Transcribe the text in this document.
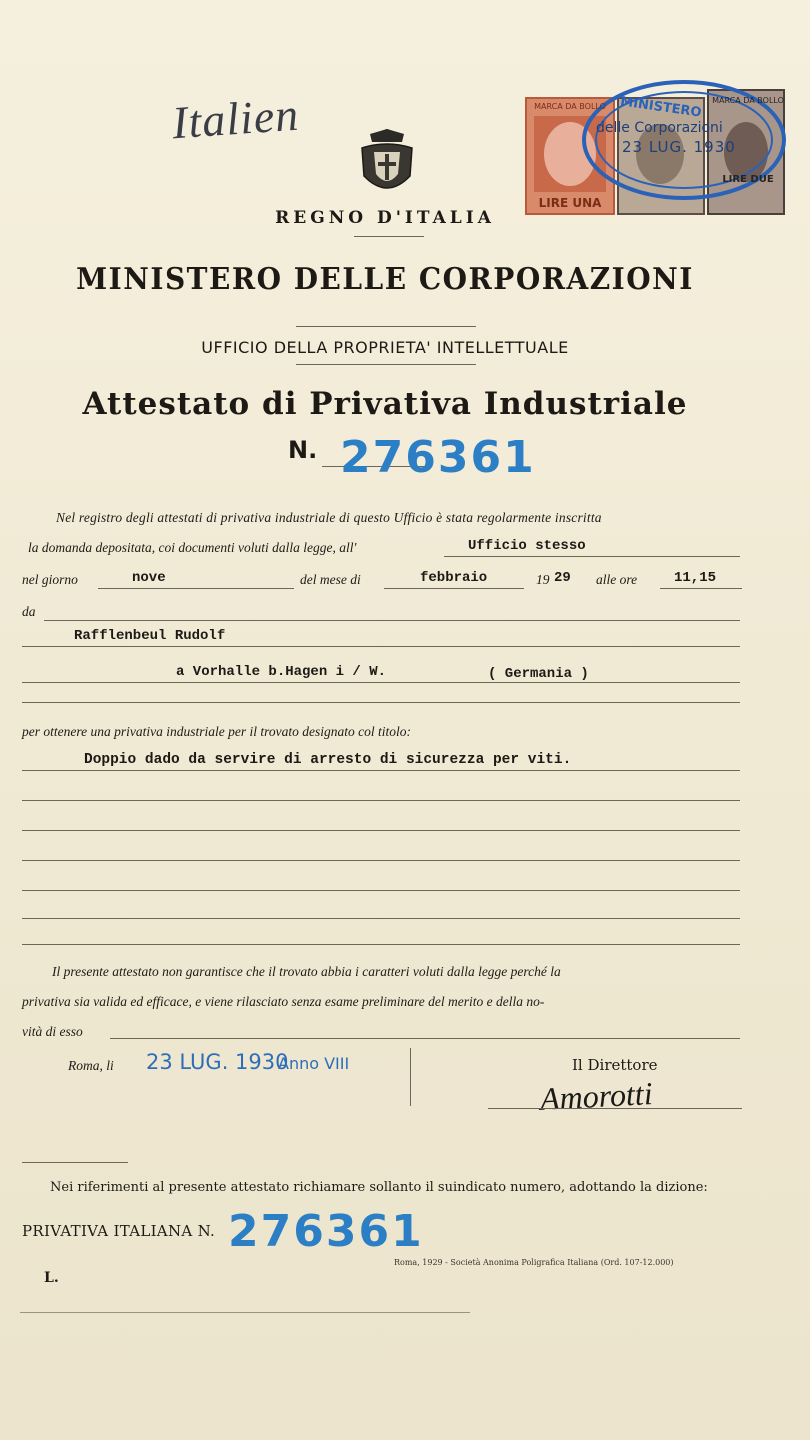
Italien	MARCA DA BOLLO
LIRE UNA
MARCA DA BOLLO
LIRE DUE
MINISTERO
delle Corporazioni
23 LUG. 1930
REGNO D'ITALIA
MINISTERO DELLE CORPORAZIONI
UFFICIO DELLA PROPRIETA' INTELLETTUALE
Attestato di Privativa Industriale
N. 276361
Nel registro degli attestati di privativa industriale di questo Ufficio è stata regolarmente inscritta
la domanda depositata, coi documenti voluti dalla legge, all'	Ufficio stesso
nel giorno	nove	del mese di	febbraio	19 29 alle ore	11,15
da
Rafflenbeul Rudolf
a Vorhalle b.Hagen i / W.	( Germania )
per ottenere una privativa industriale per il trovato designato col titolo:
Doppio dado da servire di arresto di sicurezza per viti.
Il presente attestato non garantisce che il trovato abbia i caratteri voluti dalla legge perché la
privativa sia valida ed efficace, e viene rilasciato senza esame preliminare del merito e della no-
vità di esso
Roma, li 23 LUG. 1930
Anno VIII	Il Direttore
Amorotti
Nei riferimenti al presente attestato richiamare sollanto il suindicato numero, adottando la dizione:
PRIVATIVA ITALIANA N. 276361
L.
Roma, 1929 - Società Anonima Poligrafica Italiana (Ord. 107-12.000)
